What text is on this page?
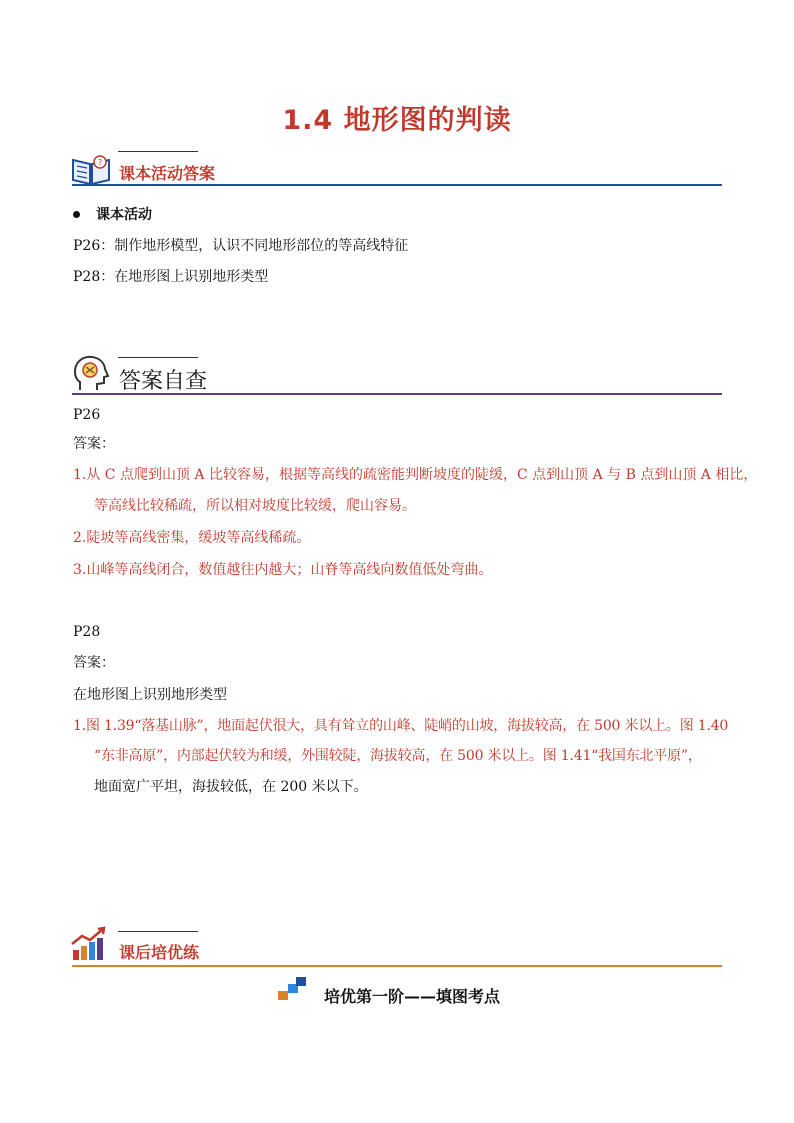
1.4 地形图的判读
?
课本活动答案
课本活动
P26：制作地形模型，认识不同地形部位的等高线特征
P28：在地形图上识别地形类型
答案自查
P26
答案：
1.从 C 点爬到山顶 A 比较容易，根据等高线的疏密能判断坡度的陡缓，C 点到山顶 A 与 B 点到山顶 A 相比，
等高线比较稀疏，所以相对坡度比较缓，爬山容易。
2.陡坡等高线密集，缓坡等高线稀疏。
3.山峰等高线闭合，数值越往内越大；山脊等高线向数值低处弯曲。
P28
答案：
在地形图上识别地形类型
1.图 1.39“落基山脉”，地面起伏很大，具有耸立的山峰、陡峭的山坡，海拔较高，在 500 米以上。图 1.40
“东非高原”，内部起伏较为和缓，外围较陡，海拔较高，在 500 米以上。图 1.41“我国东北平原”，
地面宽广平坦，海拔较低，在 200 米以下。
课后培优练
培优第一阶——填图考点
